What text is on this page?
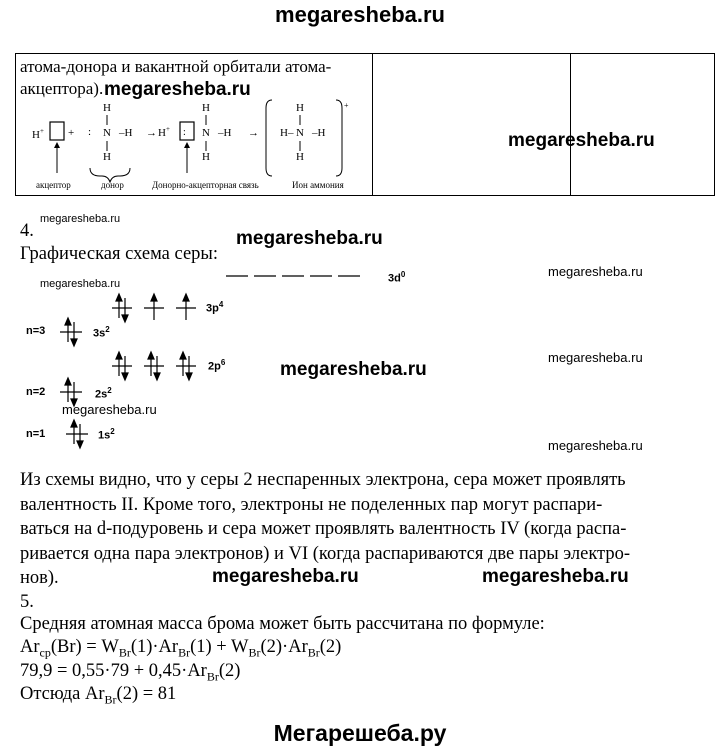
megaresheba.ru
атома-донора и вакантной орбитали атома-
акцептора). megaresheba.ru
megaresheba.ru
H+ + : N –H
H
H
→ H+ : N –H
H
H
→ H– N –H
H
H
+
акцептор	донор	Донорно-акцепторная связь	Ион аммония
4.
megaresheba.ru
megaresheba.ru
Графическая схема серы:
$3d^0$
$3p^4$
n=3	$3s^2$
$2p^6$
n=2	$2s^2$
n=1	$1s^2$
megaresheba.ru
megaresheba.ru
megaresheba.ru
megaresheba.ru
megaresheba.ru
megaresheba.ru
Из схемы видно, что у серы 2 неспаренных электрона, сера может проявлять
валентность II. Кроме того, электроны не поделенных пар могут распари-
ваться на d-подуровень и сера может проявлять валентность IV (когда распа-
ривается одна пара электронов) и VI (когда распариваются две пары электро-
нов).	megaresheba.ru	megaresheba.ru
5.
Средняя атомная масса брома может быть рассчитана по формуле:
$Ar_{ср}(Br) = W_{Br}(1)\cdot Ar_{Br}(1) + W_{Br}(2)\cdot Ar_{Br}(2)$
$79,9 = 0,55\cdot 79 + 0,45\cdot Ar_{Br}(2)$
Отсюда $Ar_{Br}(2) = 81$
Мегарешеба.ру
